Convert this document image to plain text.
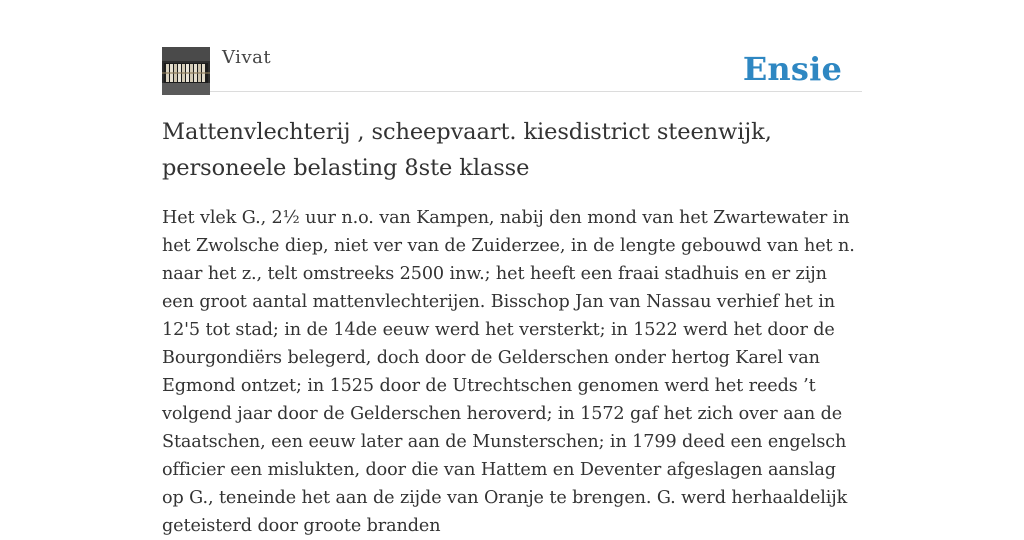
Vivat	Ensie
Mattenvlechterij , scheepvaart. kiesdistrict steenwijk, personeele belasting 8ste klasse

Het vlek G., 2½ uur n.o. van Kampen, nabij den mond van het Zwartewater in het Zwolsche diep, niet ver van de Zuiderzee, in de lengte gebouwd van het n. naar het z., telt omstreeks 2500 inw.; het heeft een fraai stadhuis en er zijn een groot aantal mattenvlechterijen. Bisschop Jan van Nassau verhief het in 12'5 tot stad; in de 14de eeuw werd het versterkt; in 1522 werd het door de Bourgondiërs belegerd, doch door de Gelderschen onder hertog Karel van Egmond ontzet; in 1525 door de Utrechtschen genomen werd het reeds ’t volgend jaar door de Gelderschen heroverd; in 1572 gaf het zich over aan de Staatschen, een eeuw later aan de Munsterschen; in 1799 deed een engelsch officier een mislukten, door die van Hattem en Deventer afgeslagen aanslag op G., teneinde het aan de zijde van Oranje te brengen. G. werd herhaaldelijk geteisterd door groote branden
